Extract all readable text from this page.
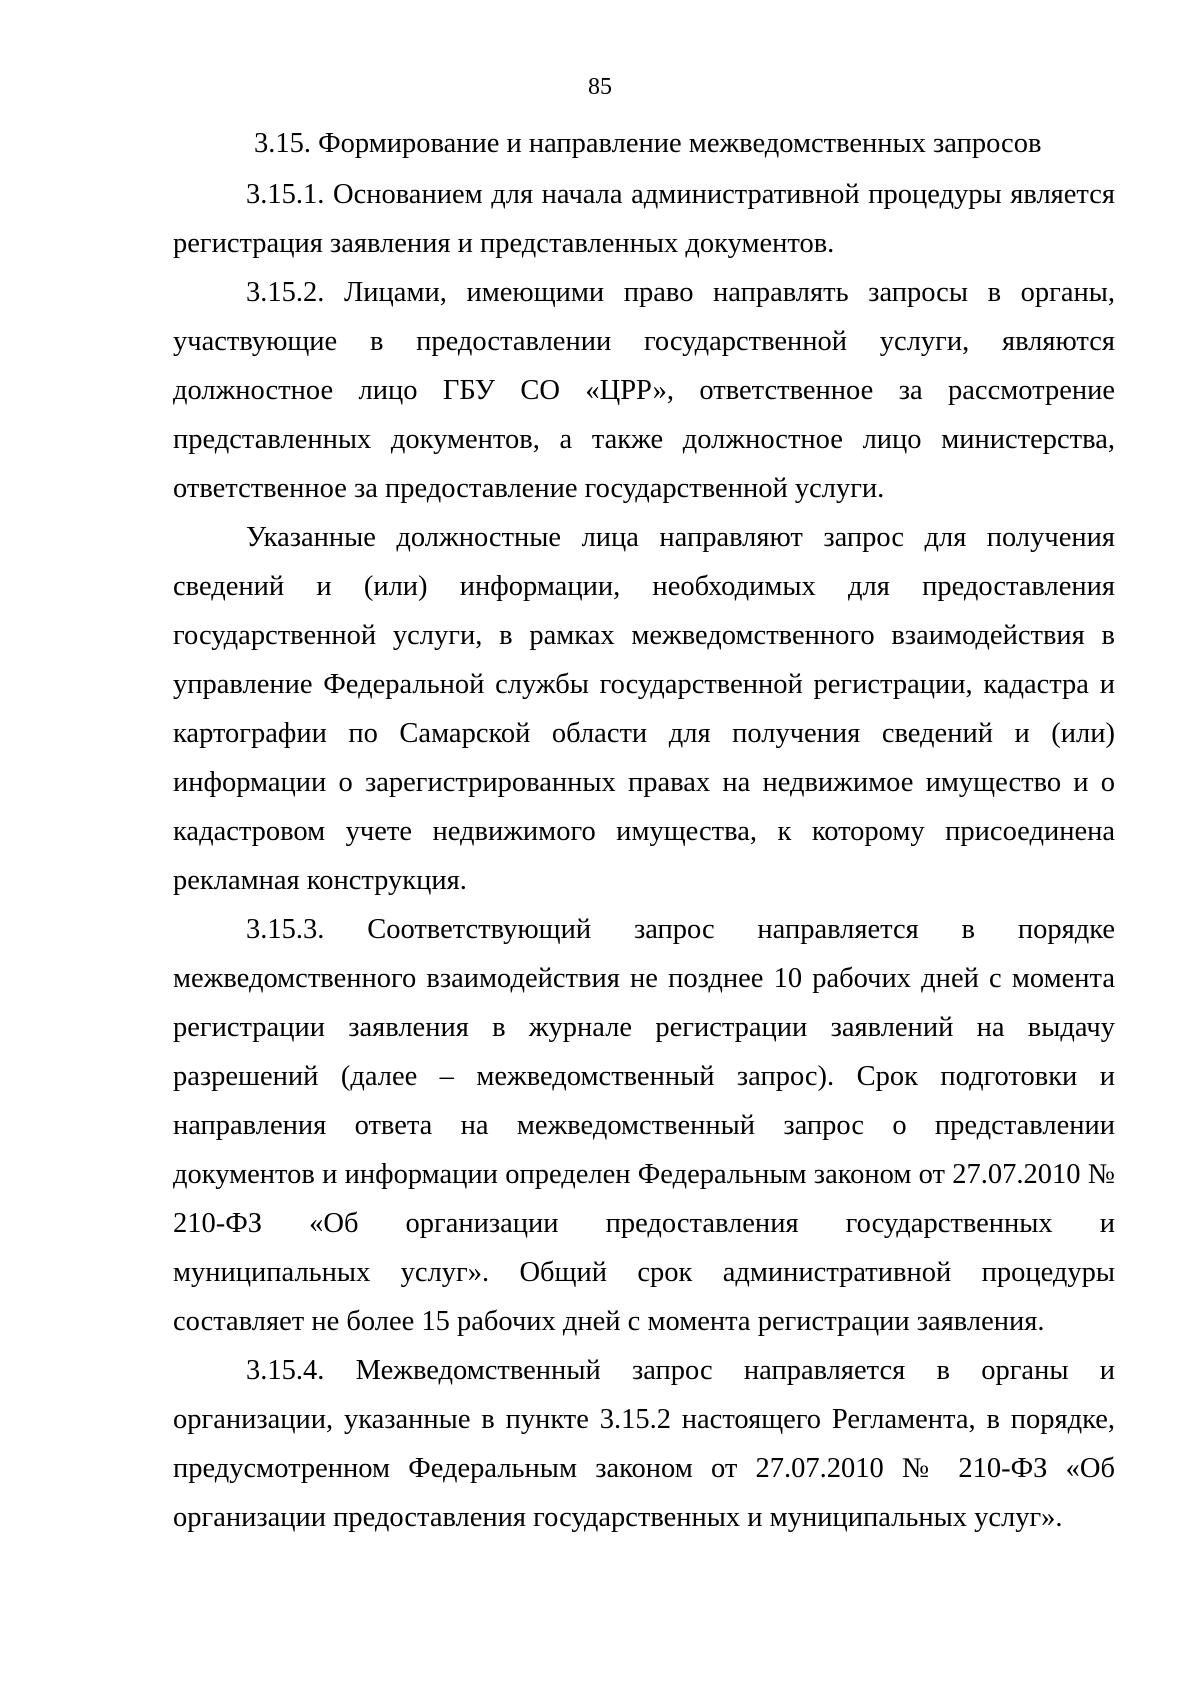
85

3.15. Формирование и направление межведомственных запросов

3.15.1. Основанием для начала административной процедуры является регистрация заявления и представленных документов.

3.15.2. Лицами, имеющими право направлять запросы в органы, участвующие в предоставлении государственной услуги, являются должностное лицо ГБУ СО «ЦРР», ответственное за рассмотрение представленных документов, а также должностное лицо министерства, ответственное за предоставление государственной услуги.

Указанные должностные лица направляют запрос для получения сведений и (или) информации, необходимых для предоставления государственной услуги, в рамках межведомственного взаимодействия в управление Федеральной службы государственной регистрации, кадастра и картографии по Самарской области для получения сведений и (или) информации о зарегистрированных правах на недвижимое имущество и о кадастровом учете недвижимого имущества, к которому присоединена рекламная конструкция.

3.15.3. Соответствующий запрос направляется в порядке межведомственного взаимодействия не позднее 10 рабочих дней с момента регистрации заявления в журнале регистрации заявлений на выдачу разрешений (далее – межведомственный запрос). Срок подготовки и направления ответа на межведомственный запрос о представлении документов и информации определен Федеральным законом от 27.07.2010 № 210-ФЗ «Об организации предоставления государственных и муниципальных услуг». Общий срок административной процедуры составляет не более 15 рабочих дней с момента регистрации заявления.

3.15.4. Межведомственный запрос направляется в органы и организации, указанные в пункте 3.15.2 настоящего Регламента, в порядке, предусмотренном Федеральным законом от 27.07.2010 № 210-ФЗ «Об организации предоставления государственных и муниципальных услуг».
